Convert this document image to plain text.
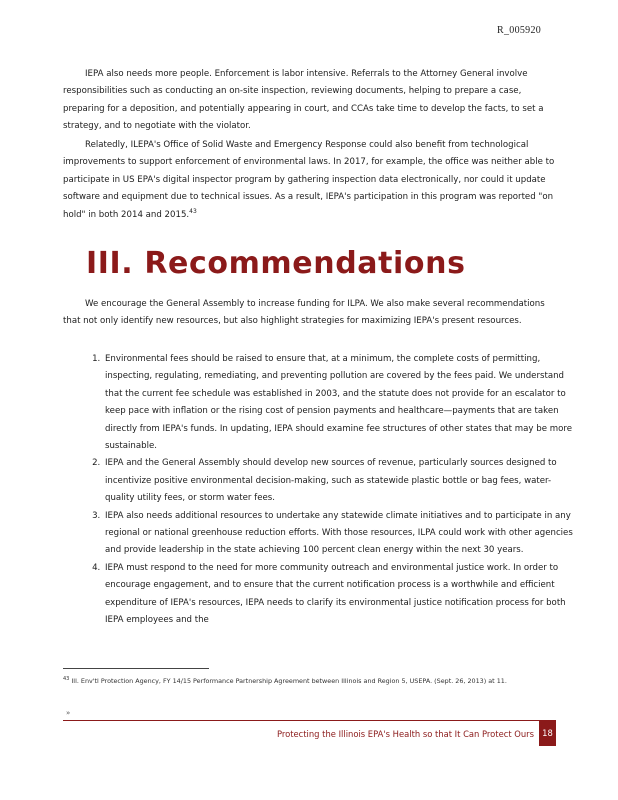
R_005920

IEPA also needs more people. Enforcement is labor intensive. Referrals to the Attorney General involve responsibilities such as conducting an on-site inspection, reviewing documents, helping to prepare a case, preparing for a deposition, and potentially appearing in court, and CCAs take time to develop the facts, to set a strategy, and to negotiate with the violator.

Relatedly, ILEPA's Office of Solid Waste and Emergency Response could also benefit from technological improvements to support enforcement of environmental laws. In 2017, for example, the office was neither able to participate in US EPA's digital inspector program by gathering inspection data electronically, nor could it update software and equipment due to technical issues. As a result, IEPA's participation in this program was reported "on hold" in both 2014 and 2015.43

III. Recommendations

We encourage the General Assembly to increase funding for ILPA. We also make several recommendations that not only identify new resources, but also highlight strategies for maximizing IEPA's present resources.

1. Environmental fees should be raised to ensure that, at a minimum, the complete costs of permitting, inspecting, regulating, remediating, and preventing pollution are covered by the fees paid. We understand that the current fee schedule was established in 2003, and the statute does not provide for an escalator to keep pace with inflation or the rising cost of pension payments and healthcare—payments that are taken directly from IEPA's funds. In updating, IEPA should examine fee structures of other states that may be more sustainable.
2. IEPA and the General Assembly should develop new sources of revenue, particularly sources designed to incentivize positive environmental decision-making, such as statewide plastic bottle or bag fees, water-quality utility fees, or storm water fees.
3. IEPA also needs additional resources to undertake any statewide climate initiatives and to participate in any regional or national greenhouse reduction efforts. With those resources, ILPA could work with other agencies and provide leadership in the state achieving 100 percent clean energy within the next 30 years.
4. IEPA must respond to the need for more community outreach and environmental justice work. In order to encourage engagement, and to ensure that the current notification process is a worthwhile and efficient expenditure of IEPA's resources, IEPA needs to clarify its environmental justice notification process for both IEPA employees and the

$^{43}$ Ill. Env'tl Protection Agency, FY 14/15 Performance Partnership Agreement between Illinois and Region 5, USEPA. (Sept. 26, 2013) at 11.

»
Protecting the Illinois EPA's Health so that It Can Protect Ours 18
